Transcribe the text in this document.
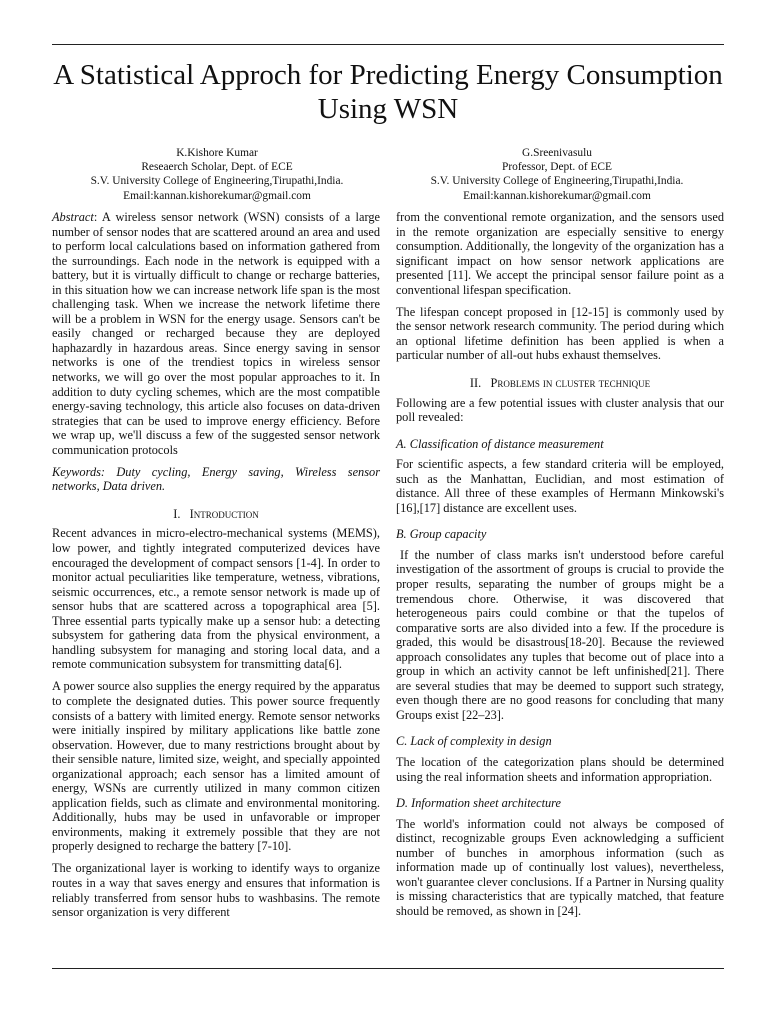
A Statistical Approch for Predicting Energy Consumption Using WSN
K.Kishore Kumar
Reseaerch Scholar, Dept. of ECE
S.V. University College of Engineering,Tirupathi,India.
Email:kannan.kishorekumar@gmail.com
G.Sreenivasulu
Professor, Dept. of ECE
S.V. University College of Engineering,Tirupathi,India.
Email:kannan.kishorekumar@gmail.com

Abstract: A wireless sensor network (WSN) consists of a large number of sensor nodes that are scattered around an area and used to perform local calculations based on information gathered from the surroundings. Each node in the network is equipped with a battery, but it is virtually difficult to change or recharge batteries, in this situation how we can increase network life span is the most challenging task. When we increase the network lifetime there will be a problem in WSN for the energy usage. Sensors can't be easily changed or recharged because they are deployed haphazardly in hazardous areas. Since energy saving in sensor networks is one of the trendiest topics in wireless sensor networks, we will go over the most popular approaches to it. In addition to duty cycling schemes, which are the most compatible energy-saving technology, this article also focuses on data-driven strategies that can be used to improve energy efficiency. Before we wrap up, we'll discuss a few of the suggested sensor network communication protocols

Keywords: Duty cycling, Energy saving, Wireless sensor networks, Data driven.

I. Introduction

Recent advances in micro-electro-mechanical systems (MEMS), low power, and tightly integrated computerized devices have encouraged the development of compact sensors [1-4]. In order to monitor actual peculiarities like temperature, wetness, vibrations, seismic occurrences, etc., a remote sensor network is made up of sensor hubs that are scattered across a topographical area [5]. Three essential parts typically make up a sensor hub: a detecting subsystem for gathering data from the physical environment, a handling subsystem for managing and storing local data, and a remote communication subsystem for transmitting data[6].

A power source also supplies the energy required by the apparatus to complete the designated duties. This power source frequently consists of a battery with limited energy. Remote sensor networks were initially inspired by military applications like battle zone observation. However, due to many restrictions brought about by their sensible nature, limited size, weight, and specially appointed organizational approach; each sensor has a limited amount of energy, WSNs are currently utilized in many common citizen application fields, such as climate and environmental monitoring. Additionally, hubs may be used in unfavorable or improper environments, making it extremely possible that they are not properly designed to recharge the battery [7-10].

The organizational layer is working to identify ways to organize routes in a way that saves energy and ensures that information is reliably transferred from sensor hubs to washbasins. The remote sensor organization is very different

from the conventional remote organization, and the sensors used in the remote organization are especially sensitive to energy consumption. Additionally, the longevity of the organization has a significant impact on how sensor network applications are presented [11]. We accept the principal sensor failure point as a conventional lifespan specification.

The lifespan concept proposed in [12-15] is commonly used by the sensor network research community. The period during which an optional lifetime definition has been applied is when a particular number of all-out hubs exhaust themselves.

II. Problems in cluster technique

Following are a few potential issues with cluster analysis that our poll revealed:

A. Classification of distance measurement

For scientific aspects, a few standard criteria will be employed, such as the Manhattan, Euclidian, and most estimation of distance. All three of these examples of Hermann Minkowski's [16],[17] distance are excellent uses.

B. Group capacity

If the number of class marks isn't understood before careful investigation of the assortment of groups is crucial to provide the proper results, separating the number of groups might be a tremendous chore. Otherwise, it was discovered that heterogeneous pairs could combine or that the tupelos of comparative sorts are also divided into a few. If the procedure is graded, this would be disastrous[18-20]. Because the reviewed approach consolidates any tuples that become out of place into a group in which an activity cannot be left unfinished[21]. There are several studies that may be deemed to support such strategy, even though there are no good reasons for concluding that many Groups exist [22–23].

C. Lack of complexity in design

The location of the categorization plans should be determined using the real information sheets and information appropriation.

D. Information sheet architecture

The world's information could not always be composed of distinct, recognizable groups Even acknowledging a sufficient number of bunches in amorphous information (such as information made up of continually lost values), nevertheless, won't guarantee clever conclusions. If a Partner in Nursing quality is missing characteristics that are typically matched, that feature should be removed, as shown in [24].
